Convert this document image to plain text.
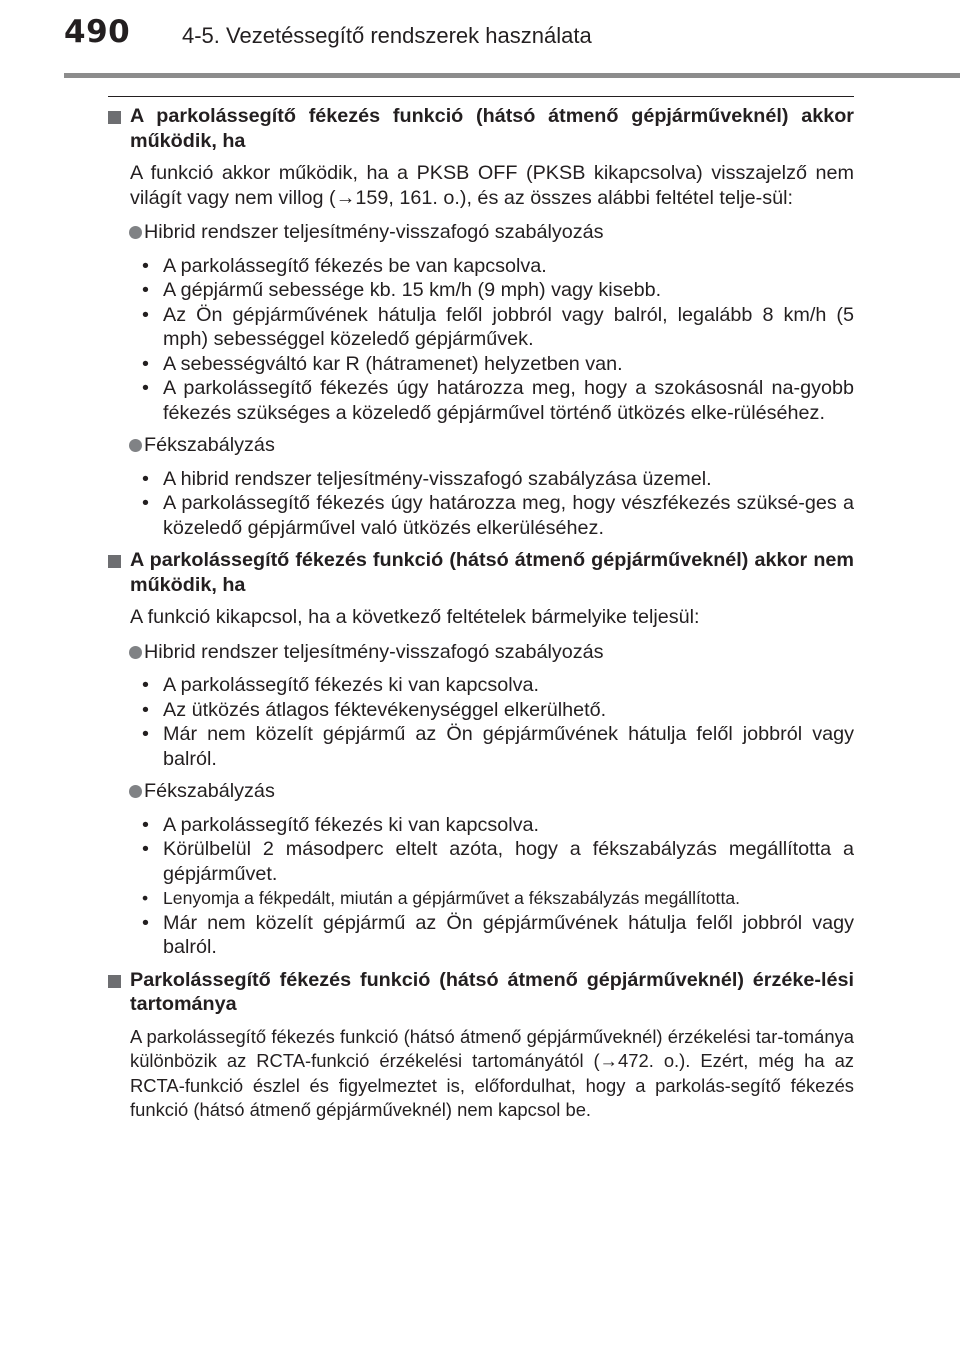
490 4-5. Vezetéssegítő rendszerek használata
A parkolássegítő fékezés funkció (hátsó átmenő gépjárműveknél) akkor működik, ha

A funkció akkor működik, ha a PKSB OFF (PKSB kikapcsolva) visszajelző nem világít vagy nem villog (→159, 161. o.), és az összes alábbi feltétel telje-sül:

Hibrid rendszer teljesítmény-visszafogó szabályozás
• A parkolássegítő fékezés be van kapcsolva.
• A gépjármű sebessége kb. 15 km/h (9 mph) vagy kisebb.
• Az Ön gépjárművének hátulja felől jobbról vagy balról, legalább 8 km/h (5 mph) sebességgel közeledő gépjárművek.
• A sebességváltó kar R (hátramenet) helyzetben van.
• A parkolássegítő fékezés úgy határozza meg, hogy a szokásosnál na-gyobb fékezés szükséges a közeledő gépjárművel történő ütközés elke-rüléséhez.
Fékszabályzás
• A hibrid rendszer teljesítmény-visszafogó szabályzása üzemel.
• A parkolássegítő fékezés úgy határozza meg, hogy vészfékezés szüksé-ges a közeledő gépjárművel való ütközés elkerüléséhez.
A parkolássegítő fékezés funkció (hátsó átmenő gépjárműveknél) akkor nem működik, ha

A funkció kikapcsol, ha a következő feltételek bármelyike teljesül:

Hibrid rendszer teljesítmény-visszafogó szabályozás
• A parkolássegítő fékezés ki van kapcsolva.
• Az ütközés átlagos féktevékenységgel elkerülhető.
• Már nem közelít gépjármű az Ön gépjárművének hátulja felől jobbról vagy balról.
Fékszabályzás
• A parkolássegítő fékezés ki van kapcsolva.
• Körülbelül 2 másodperc eltelt azóta, hogy a fékszabályzás megállította a gépjárművet.
• Lenyomja a fékpedált, miután a gépjárművet a fékszabályzás megállította.
• Már nem közelít gépjármű az Ön gépjárművének hátulja felől jobbról vagy balról.
Parkolássegítő fékezés funkció (hátsó átmenő gépjárműveknél) érzéke-lési tartománya

A parkolássegítő fékezés funkció (hátsó átmenő gépjárműveknél) érzékelési tar-tománya különbözik az RCTA-funkció érzékelési tartományától (→472. o.). Ezért, még ha az RCTA-funkció észlel és figyelmeztet is, előfordulhat, hogy a parkolás-segítő fékezés funkció (hátsó átmenő gépjárműveknél) nem kapcsol be.
